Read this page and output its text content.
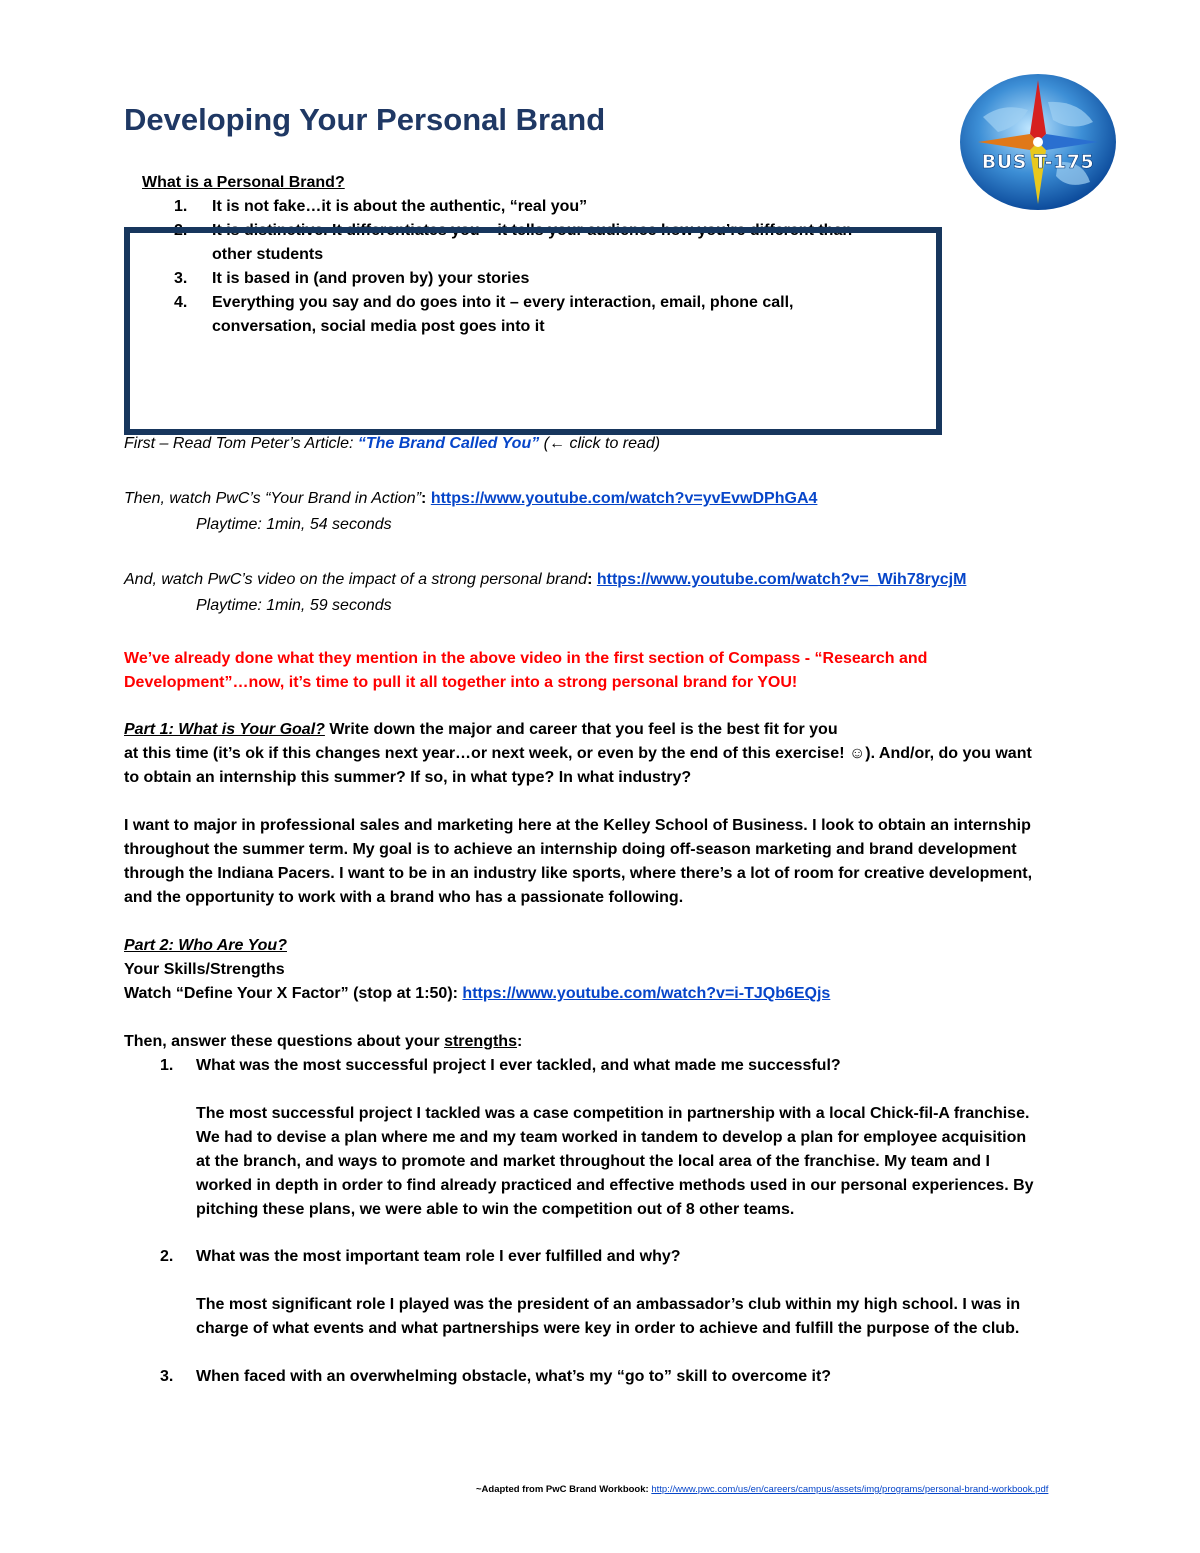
BUS T-175
Developing Your Personal Brand
What is a Personal Brand?
1.	It is not fake…it is about the authentic, “real you”
2.	It is distinctive. It differentiates you – it tells your audience how you’re different than
other students
3.	It is based in (and proven by) your stories
4.	Everything you say and do goes into it – every interaction, email, phone call,
conversation, social media post goes into it
First – Read Tom Peter’s Article: “The Brand Called You” (← click to read)
Then, watch PwC’s “Your Brand in Action”: https://www.youtube.com/watch?v=yvEvwDPhGA4
Playtime: 1min, 54 seconds
And, watch PwC’s video on the impact of a strong personal brand: https://www.youtube.com/watch?v=_Wih78rycjM
Playtime: 1min, 59 seconds
We’ve already done what they mention in the above video in the first section of Compass - “Research and
Development”…now, it’s time to pull it all together into a strong personal brand for YOU!
Part 1: What is Your Goal? Write down the major and career that you feel is the best fit for you
at this time (it’s ok if this changes next year…or next week, or even by the end of this exercise! ☺). And/or, do you want
to obtain an internship this summer? If so, in what type? In what industry?
I want to major in professional sales and marketing here at the Kelley School of Business. I look to obtain an internship
throughout the summer term. My goal is to achieve an internship doing off-season marketing and brand development
through the Indiana Pacers. I want to be in an industry like sports, where there’s a lot of room for creative development,
and the opportunity to work with a brand who has a passionate following.
Part 2: Who Are You?
Your Skills/Strengths
Watch “Define Your X Factor” (stop at 1:50): https://www.youtube.com/watch?v=i-TJQb6EQjs
Then, answer these questions about your strengths:
1.	What was the most successful project I ever tackled, and what made me successful?
The most successful project I tackled was a case competition in partnership with a local Chick-fil-A franchise.
We had to devise a plan where me and my team worked in tandem to develop a plan for employee acquisition
at the branch, and ways to promote and market throughout the local area of the franchise. My team and I
worked in depth in order to find already practiced and effective methods used in our personal experiences. By
pitching these plans, we were able to win the competition out of 8 other teams.
2.	What was the most important team role I ever fulfilled and why?
The most significant role I played was the president of an ambassador’s club within my high school. I was in
charge of what events and what partnerships were key in order to achieve and fulfill the purpose of the club.
3.	When faced with an overwhelming obstacle, what’s my “go to” skill to overcome it?
~Adapted from PwC Brand Workbook: http://www.pwc.com/us/en/careers/campus/assets/img/programs/personal-brand-workbook.pdf
